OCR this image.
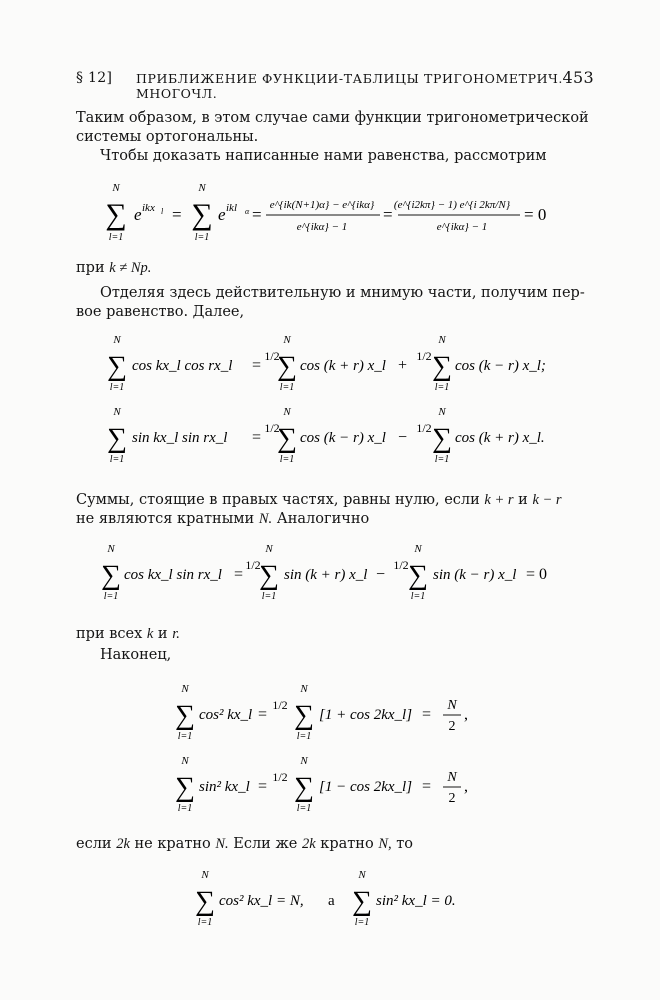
§ 12] ПРИБЛИЖЕНИЕ ФУНКЦИИ-ТАБЛИЦЫ ТРИГОНОМЕТРИЧ. МНОГОЧЛ.
453
Таким образом, в этом случае сами функции тригонометрической
системы ортогональны.
Чтобы доказать написанные нами равенства, рассмотрим
N
∑
l=1
e ikx l =
N
∑
l=1
e ikl α = e^{ik(N+1)α} − e^{ikα}
e^{ikα} − 1
= (e^{i2kπ} − 1) e^{i 2kπ/N}
e^{ikα} − 1
= 0
при k ≠ Np.
Отделяя здесь действительную и мнимую части, получим пер-
вое равенство. Далее,
N
∑
l=1
cos kx_l cos rx_l =
1/2
N
∑
l=1
cos (k + r) x_l +
1/2
N
∑
l=1
cos (k − r) x_l;
N
∑
l=1
sin kx_l sin rx_l =
1/2
N
∑
l=1
cos (k − r) x_l −
1/2
N
∑
l=1
cos (k + r) x_l.
Суммы, стоящие в правых частях, равны нулю, если k + r и k − r
не являются кратными N. Аналогично
N
∑
l=1
cos kx_l sin rx_l =
1/2
N
∑
l=1
sin (k + r) x_l −
1/2
N
∑
l=1
sin (k − r) x_l = 0
при всех k и r.
Наконец,
N
∑
l=1
cos² kx_l =
1/2
N
∑
l=1
[1 + cos 2kx_l] =
N
2
,
N
∑
l=1
sin² kx_l =
1/2
N
∑
l=1
[1 − cos 2kx_l] =
N
2
,
если 2k не кратно N. Если же 2k кратно N, то
N
∑
l=1
cos² kx_l = N, а
N
∑
l=1
sin² kx_l = 0.
